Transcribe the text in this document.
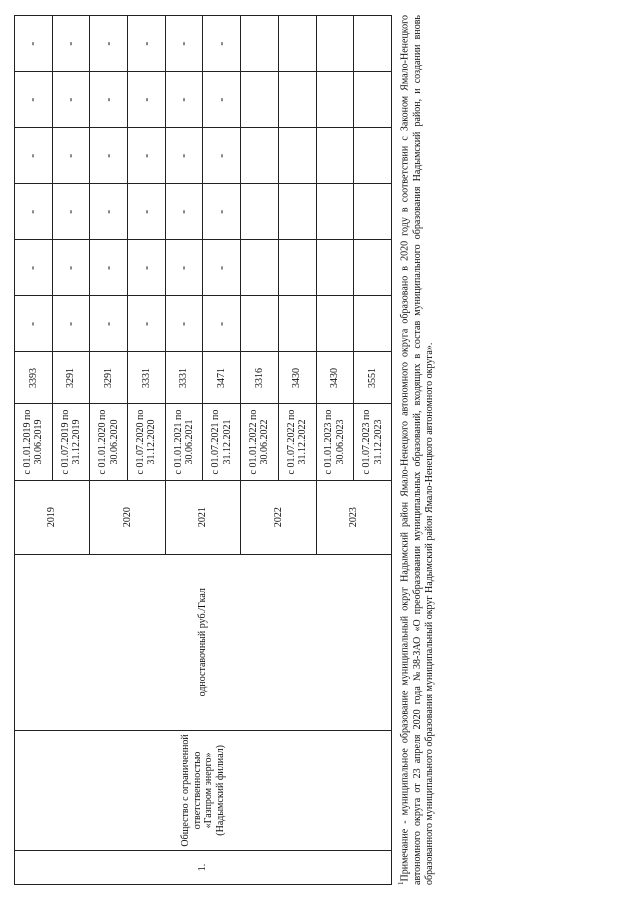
1.	Общество с ограниченной ответственностью «Газпром энерго» (Надымский филиал)	одноставочный руб./Гкал	2019	с 01.01.2019 по 30.06.2019	3393	-	-	-	-	-	-
				с 01.07.2019 по 31.12.2019	3291	-	-	-	-	-	-
			2020	с 01.01.2020 по 30.06.2020	3291	-	-	-	-	-	-
				с 01.07.2020 по 31.12.2020	3331	-	-	-	-	-	-
			2021	с 01.01.2021 по 30.06.2021	3331	-	-	-	-	-	-
				с 01.07.2021 по 31.12.2021	3471	-	-	-	-	-	-
			2022	с 01.01.2022 по 30.06.2022	3316						
				с 01.07.2022 по 31.12.2022	3430						
			2023	с 01.01.2023 по 30.06.2023	3430						
				с 01.07.2023 по 31.12.2023	3551						
$^1$Примечание - муниципальное образование муниципальный округ Надымский район Ямало-Ненецкого автономного округа образовано в 2020 году в соответствии с Законом Ямало-Ненецкого автономного округа от 23 апреля 2020 года №38-ЗАО «О преобразовании муниципальных образований, входящих в состав муниципального образования Надымский район, и создании вновь образованного муниципального образования муниципальный округ Надымский район Ямало-Ненецкого автономного округа».
